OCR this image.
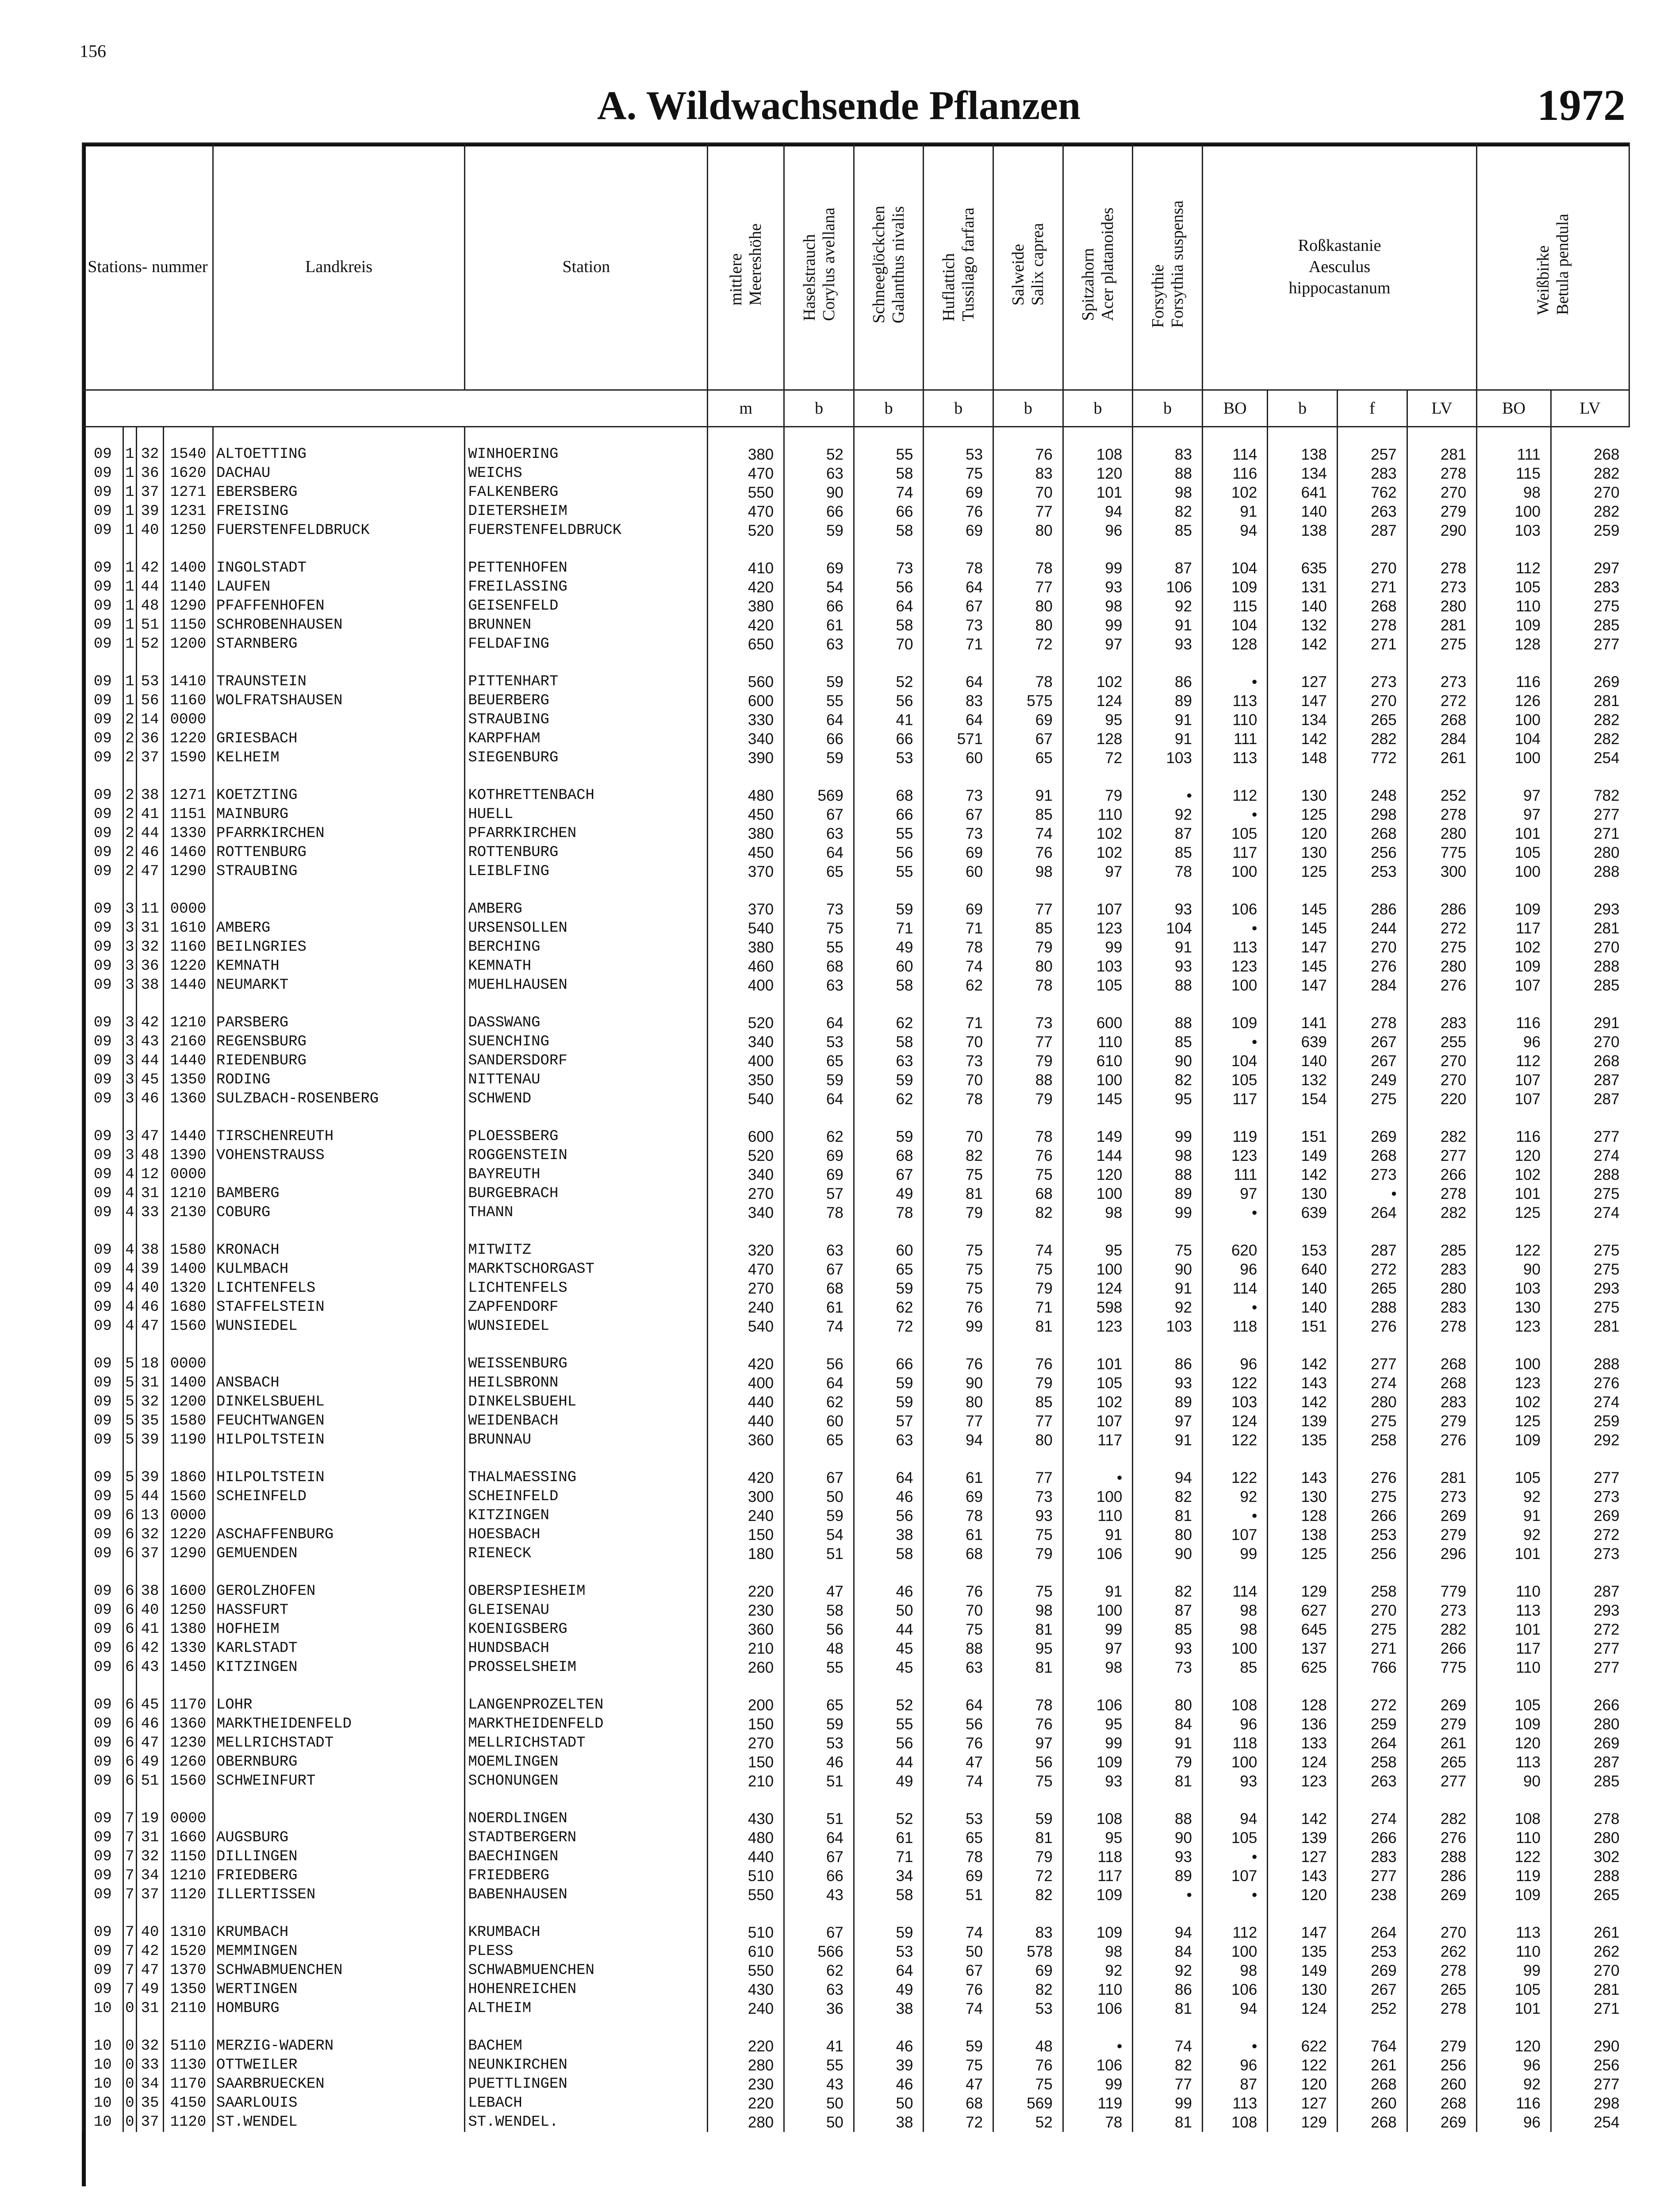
156
A. Wildwachsende Pflanzen	1972
Stations- nummer				Landkreis	Station	mittlere Meereshöhe	Haselstrauch Corylus avellana	Schneeglöckchen Galanthus nivalis	Huflattich Tussilago farfara	Salweide Salix caprea	Spitzahorn Acer platanoides	Forsythie Forsythia suspensa	Roßkastanie
Aesculus
hippocastanum				Weißbirke Betula pendula	

						m	b	b	b	b	b	b	BO	b	f	LV	BO	LV
09	1	32	1540	ALTOETTING	WINHOERING	380	52	55	53	76	108	83	114	138	257	281	111	268
09	1	36	1620	DACHAU	WEICHS	470	63	58	75	83	120	88	116	134	283	278	115	282
09	1	37	1271	EBERSBERG	FALKENBERG	550	90	74	69	70	101	98	102	641	762	270	98	270
09	1	39	1231	FREISING	DIETERSHEIM	470	66	66	76	77	94	82	91	140	263	279	100	282
09	1	40	1250	FUERSTENFELDBRUCK	FUERSTENFELDBRUCK	520	59	58	69	80	96	85	94	138	287	290	103	259

09	1	42	1400	INGOLSTADT	PETTENHOFEN	410	69	73	78	78	99	87	104	635	270	278	112	297
09	1	44	1140	LAUFEN	FREILASSING	420	54	56	64	77	93	106	109	131	271	273	105	283
09	1	48	1290	PFAFFENHOFEN	GEISENFELD	380	66	64	67	80	98	92	115	140	268	280	110	275
09	1	51	1150	SCHROBENHAUSEN	BRUNNEN	420	61	58	73	80	99	91	104	132	278	281	109	285
09	1	52	1200	STARNBERG	FELDAFING	650	63	70	71	72	97	93	128	142	271	275	128	277

09	1	53	1410	TRAUNSTEIN	PITTENHART	560	59	52	64	78	102	86	•	127	273	273	116	269
09	1	56	1160	WOLFRATSHAUSEN	BEUERBERG	600	55	56	83	575	124	89	113	147	270	272	126	281
09	2	14	0000		STRAUBING	330	64	41	64	69	95	91	110	134	265	268	100	282
09	2	36	1220	GRIESBACH	KARPFHAM	340	66	66	571	67	128	91	111	142	282	284	104	282
09	2	37	1590	KELHEIM	SIEGENBURG	390	59	53	60	65	72	103	113	148	772	261	100	254

09	2	38	1271	KOETZTING	KOTHRETTENBACH	480	569	68	73	91	79	•	112	130	248	252	97	782
09	2	41	1151	MAINBURG	HUELL	450	67	66	67	85	110	92	•	125	298	278	97	277
09	2	44	1330	PFARRKIRCHEN	PFARRKIRCHEN	380	63	55	73	74	102	87	105	120	268	280	101	271
09	2	46	1460	ROTTENBURG	ROTTENBURG	450	64	56	69	76	102	85	117	130	256	775	105	280
09	2	47	1290	STRAUBING	LEIBLFING	370	65	55	60	98	97	78	100	125	253	300	100	288

09	3	11	0000		AMBERG	370	73	59	69	77	107	93	106	145	286	286	109	293
09	3	31	1610	AMBERG	URSENSOLLEN	540	75	71	71	85	123	104	•	145	244	272	117	281
09	3	32	1160	BEILNGRIES	BERCHING	380	55	49	78	79	99	91	113	147	270	275	102	270
09	3	36	1220	KEMNATH	KEMNATH	460	68	60	74	80	103	93	123	145	276	280	109	288
09	3	38	1440	NEUMARKT	MUEHLHAUSEN	400	63	58	62	78	105	88	100	147	284	276	107	285

09	3	42	1210	PARSBERG	DASSWANG	520	64	62	71	73	600	88	109	141	278	283	116	291
09	3	43	2160	REGENSBURG	SUENCHING	340	53	58	70	77	110	85	•	639	267	255	96	270
09	3	44	1440	RIEDENBURG	SANDERSDORF	400	65	63	73	79	610	90	104	140	267	270	112	268
09	3	45	1350	RODING	NITTENAU	350	59	59	70	88	100	82	105	132	249	270	107	287
09	3	46	1360	SULZBACH-ROSENBERG	SCHWEND	540	64	62	78	79	145	95	117	154	275	220	107	287

09	3	47	1440	TIRSCHENREUTH	PLOESSBERG	600	62	59	70	78	149	99	119	151	269	282	116	277
09	3	48	1390	VOHENSTRAUSS	ROGGENSTEIN	520	69	68	82	76	144	98	123	149	268	277	120	274
09	4	12	0000		BAYREUTH	340	69	67	75	75	120	88	111	142	273	266	102	288
09	4	31	1210	BAMBERG	BURGEBRACH	270	57	49	81	68	100	89	97	130	•	278	101	275
09	4	33	2130	COBURG	THANN	340	78	78	79	82	98	99	•	639	264	282	125	274

09	4	38	1580	KRONACH	MITWITZ	320	63	60	75	74	95	75	620	153	287	285	122	275
09	4	39	1400	KULMBACH	MARKTSCHORGAST	470	67	65	75	75	100	90	96	640	272	283	90	275
09	4	40	1320	LICHTENFELS	LICHTENFELS	270	68	59	75	79	124	91	114	140	265	280	103	293
09	4	46	1680	STAFFELSTEIN	ZAPFENDORF	240	61	62	76	71	598	92	•	140	288	283	130	275
09	4	47	1560	WUNSIEDEL	WUNSIEDEL	540	74	72	99	81	123	103	118	151	276	278	123	281

09	5	18	0000		WEISSENBURG	420	56	66	76	76	101	86	96	142	277	268	100	288
09	5	31	1400	ANSBACH	HEILSBRONN	400	64	59	90	79	105	93	122	143	274	268	123	276
09	5	32	1200	DINKELSBUEHL	DINKELSBUEHL	440	62	59	80	85	102	89	103	142	280	283	102	274
09	5	35	1580	FEUCHTWANGEN	WEIDENBACH	440	60	57	77	77	107	97	124	139	275	279	125	259
09	5	39	1190	HILPOLTSTEIN	BRUNNAU	360	65	63	94	80	117	91	122	135	258	276	109	292

09	5	39	1860	HILPOLTSTEIN	THALMAESSING	420	67	64	61	77	•	94	122	143	276	281	105	277
09	5	44	1560	SCHEINFELD	SCHEINFELD	300	50	46	69	73	100	82	92	130	275	273	92	273
09	6	13	0000		KITZINGEN	240	59	56	78	93	110	81	•	128	266	269	91	269
09	6	32	1220	ASCHAFFENBURG	HOESBACH	150	54	38	61	75	91	80	107	138	253	279	92	272
09	6	37	1290	GEMUENDEN	RIENECK	180	51	58	68	79	106	90	99	125	256	296	101	273

09	6	38	1600	GEROLZHOFEN	OBERSPIESHEIM	220	47	46	76	75	91	82	114	129	258	779	110	287
09	6	40	1250	HASSFURT	GLEISENAU	230	58	50	70	98	100	87	98	627	270	273	113	293
09	6	41	1380	HOFHEIM	KOENIGSBERG	360	56	44	75	81	99	85	98	645	275	282	101	272
09	6	42	1330	KARLSTADT	HUNDSBACH	210	48	45	88	95	97	93	100	137	271	266	117	277
09	6	43	1450	KITZINGEN	PROSSELSHEIM	260	55	45	63	81	98	73	85	625	766	775	110	277

09	6	45	1170	LOHR	LANGENPROZELTEN	200	65	52	64	78	106	80	108	128	272	269	105	266
09	6	46	1360	MARKTHEIDENFELD	MARKTHEIDENFELD	150	59	55	56	76	95	84	96	136	259	279	109	280
09	6	47	1230	MELLRICHSTADT	MELLRICHSTADT	270	53	56	76	97	99	91	118	133	264	261	120	269
09	6	49	1260	OBERNBURG	MOEMLINGEN	150	46	44	47	56	109	79	100	124	258	265	113	287
09	6	51	1560	SCHWEINFURT	SCHONUNGEN	210	51	49	74	75	93	81	93	123	263	277	90	285

09	7	19	0000		NOERDLINGEN	430	51	52	53	59	108	88	94	142	274	282	108	278
09	7	31	1660	AUGSBURG	STADTBERGERN	480	64	61	65	81	95	90	105	139	266	276	110	280
09	7	32	1150	DILLINGEN	BAECHINGEN	440	67	71	78	79	118	93	•	127	283	288	122	302
09	7	34	1210	FRIEDBERG	FRIEDBERG	510	66	34	69	72	117	89	107	143	277	286	119	288
09	7	37	1120	ILLERTISSEN	BABENHAUSEN	550	43	58	51	82	109	•	•	120	238	269	109	265

09	7	40	1310	KRUMBACH	KRUMBACH	510	67	59	74	83	109	94	112	147	264	270	113	261
09	7	42	1520	MEMMINGEN	PLESS	610	566	53	50	578	98	84	100	135	253	262	110	262
09	7	47	1370	SCHWABMUENCHEN	SCHWABMUENCHEN	550	62	64	67	69	92	92	98	149	269	278	99	270
09	7	49	1350	WERTINGEN	HOHENREICHEN	430	63	49	76	82	110	86	106	130	267	265	105	281
10	0	31	2110	HOMBURG	ALTHEIM	240	36	38	74	53	106	81	94	124	252	278	101	271

10	0	32	5110	MERZIG-WADERN	BACHEM	220	41	46	59	48	•	74	•	622	764	279	120	290
10	0	33	1130	OTTWEILER	NEUNKIRCHEN	280	55	39	75	76	106	82	96	122	261	256	96	256
10	0	34	1170	SAARBRUECKEN	PUETTLINGEN	230	43	46	47	75	99	77	87	120	268	260	92	277
10	0	35	4150	SAARLOUIS	LEBACH	220	50	50	68	569	119	99	113	127	260	268	116	298
10	0	37	1120	ST.WENDEL	ST.WENDEL.	280	50	38	72	52	78	81	108	129	268	269	96	254
